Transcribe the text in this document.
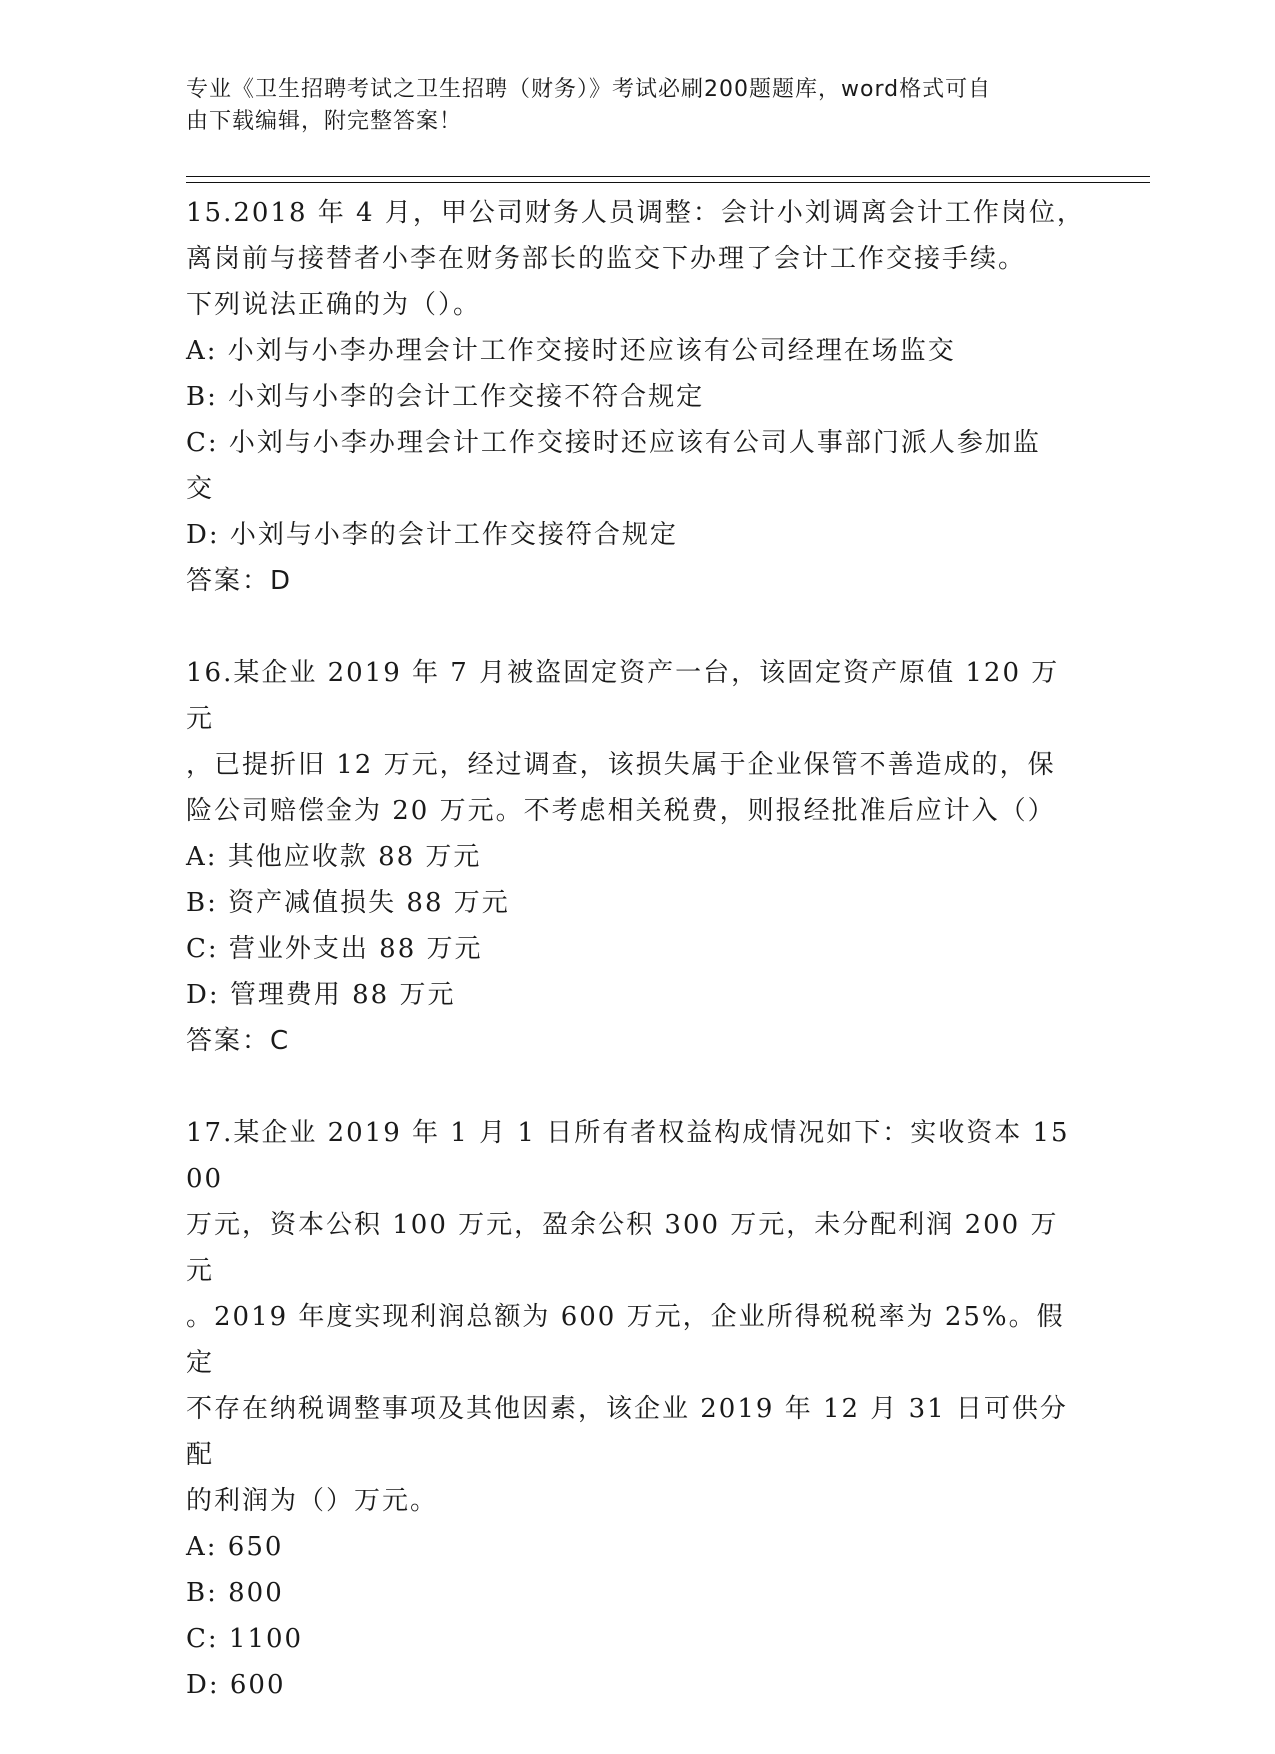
专业《卫生招聘考试之卫生招聘（财务）》考试必刷200题题库，word格式可自
由下载编辑，附完整答案！

15.2018 年 4 月，甲公司财务人员调整：会计小刘调离会计工作岗位，

离岗前与接替者小李在财务部长的监交下办理了会计工作交接手续。

下列说法正确的为（）。

A: 小刘与小李办理会计工作交接时还应该有公司经理在场监交

B: 小刘与小李的会计工作交接不符合规定

C: 小刘与小李办理会计工作交接时还应该有公司人事部门派人参加监

交

D: 小刘与小李的会计工作交接符合规定

答案：D

16.某企业 2019 年 7 月被盗固定资产一台，该固定资产原值 120 万元

，已提折旧 12 万元，经过调查，该损失属于企业保管不善造成的，保

险公司赔偿金为 20 万元。不考虑相关税费，则报经批准后应计入（）

A: 其他应收款 88 万元

B: 资产减值损失 88 万元

C: 营业外支出 88 万元

D: 管理费用 88 万元

答案：C

17.某企业 2019 年 1 月 1 日所有者权益构成情况如下：实收资本 1500

万元，资本公积 100 万元，盈余公积 300 万元，未分配利润 200 万元

。2019 年度实现利润总额为 600 万元，企业所得税税率为 25%。假定

不存在纳税调整事项及其他因素，该企业 2019 年 12 月 31 日可供分配

的利润为（）万元。

A: 650

B: 800

C: 1100

D: 600
